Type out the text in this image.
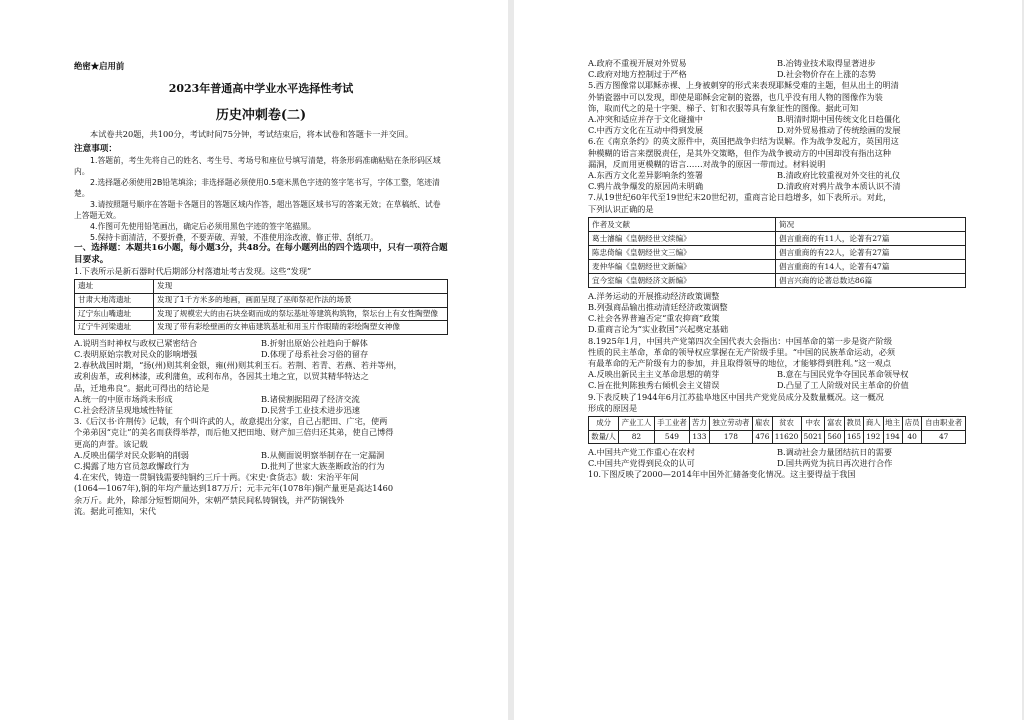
绝密★启用前
2023年普通高中学业水平选择性考试
历史冲刺卷(二)
本试卷共20题，共100分，考试时间75分钟，考试结束后，将本试卷和答题卡一并交回。
注意事项：
1.答题前，考生先将自己的姓名、考生号、考场号和座位号填写清楚，将条形码准确粘贴在条形码区域内。
2.选择题必须使用2B铅笔填涂；非选择题必须使用0.5毫米黑色字迹的签字笔书写，字体工整，笔迹清楚。
3.请按照题号顺序在答题卡各题目的答题区域内作答，超出答题区域书写的答案无效；在草稿纸、试卷上答题无效。
4.作图可先使用铅笔画出，确定后必须用黑色字迹的签字笔描黑。
5.保持卡面清洁，不要折叠，不要弄破、弄皱，不准使用涂改液、修正带、刮纸刀。
一、选择题：本题共16小题，每小题3分，共48分。在每小题列出的四个选项中，只有一项符合题目要求。
1.下表所示是新石器时代后期部分村落遗址考古发现。这些“发现”
遗址	发现
甘肃大地湾遗址	发现了1千方米多的地画，画面呈现了巫师祭祀作法的场景
辽宁东山嘴遗址	发现了规模宏大的由石块垒砌而成的祭坛基址等建筑构筑物，祭坛台上有女性陶塑像
辽宁牛河梁遗址	发现了带有彩绘壁画的女神庙建筑基址和用玉片作眼睛的彩绘陶塑女神像
A.说明当时神权与政权已紧密结合	B.折射出原始公社趋向于解体
C.表明原始宗教对民众的影响增强	D.体现了母系社会习俗的留存
2.春秋战国时期，“扬(州)则其利金银，雍(州)则其利玉石。若荆、若青、若燕、若并等州，
或利齿革，或利林漆，或利蒲鱼，或利布帛，各因其土地之宜，以贸其精华特达之
品，迁地弗良”。据此可得出的结论是
A.统一的中原市场尚未形成	B.诸侯割据阻碍了经济交流
C.社会经济呈现地域性特征	D.民营手工业技术进步迅速
3.《后汉书·许荆传》记载，有个叫许武的人，故意提出分家，自己占肥田、广宅，使两
个弟弟因“克让”的美名而获得举荐，而后他又把田地、财产加三倍归还其弟，使自己博得
更高的声誉。该记载
A.反映出儒学对民众影响的削弱	B.从侧面说明察举制存在一定漏洞
C.揭露了地方官员忽政懈政行为	D.批判了世家大族垄断政治的行为
4.在宋代，铸造一贯铜钱需要纯铜约三斤十两。《宋史·食货志》载：宋治平年间
(1064—1067年),铜的年均产量达到187万斤；元丰元年(1078年)铜产量更是高达1460
余万斤。此外，除部分短暂期间外，宋朝严禁民间私铸铜钱，并严防铜钱外
流。据此可推知，宋代
A.政府不重视开展对外贸易	B.冶铸业技术取得显著进步
C.政府对地方控制过于严格	D.社会物价存在上涨的态势
5.西方图像常以耶稣赤裸、上身被刺穿的形式来表现耶稣受难的主题，但从出土的明清
外销瓷器中可以发现，即使是耶稣会定制的瓷器，也几乎没有用人物的图像作为装
饰，取而代之的是十字架、梯子、钉和衣服等具有象征性的图像。据此可知
A.冲突和适应并存于文化碰撞中	B.明清时期中国传统文化日趋僵化
C.中西方文化在互动中得到发展	D.对外贸易推动了传统绘画的发展
6.在《南京条约》的英文原件中，英国把战争归结为误解。作为战争发起方，英国用这
种模糊的语言来摆脱责任，是其外交策略，但作为战争被动方的中国却没有指出这种
漏洞，反而用更模糊的语言……对战争的原因一带而过。材料说明
A.东西方文化差异影响条约签署	B.清政府比较重视对外交往的礼仪
C.鸦片战争爆发的原因尚未明确	D.清政府对鸦片战争本质认识不清
7.从19世纪60年代至19世纪末20世纪初，重商言论日趋增多，如下表所示。对此，
下列认识正确的是
作者及文献	简况
葛士濬编《皇朝经世文续编》	倡言重商的有11人，论著有27篇
陈忠倚编《皇朝经世文三编》	倡言重商的有22人，论著有27篇
麦仲华编《皇朝经世文新编》	倡言重商的有14人，论著有47篇
宜今室编《皇朝经济文新编》	倡言兴商的论著总数达86篇
A.洋务运动的开展推动经济政策调整
B.列强商品输出推动清廷经济政策调整
C.社会各界普遍否定“重农抑商”政策
D.重商言论为“实业救国”兴起奠定基础
8.1925年1月，中国共产党第四次全国代表大会指出：中国革命的第一步是资产阶级
性质的民主革命，革命的领导权应掌握在无产阶级手里。“中国的民族革命运动，必须
有最革命的无产阶级有力的参加，并且取得领导的地位，才能够得到胜利。”这一观点
A.反映出新民主主义革命思想的萌芽	B.意在与国民党争夺国民革命领导权
C.旨在批判陈独秀右倾机会主义错误	D.凸显了工人阶级对民主革命的价值
9.下表反映了1944年6月江苏盐阜地区中国共产党党员成分及数量概况。这一概况
形成的原因是
成分	产业工人	手工业者	苦力	独立劳动者	雇农	贫农	中农	富农	教员	商人	地主	店员	自由职业者
数量/人	82	549	133	178	476	11620	5021	560	165	192	194	40	47
A.中国共产党工作重心在农村	B.调动社会力量团结抗日的需要
C.中国共产党得到民众的认可	D.国共两党为抗日再次进行合作
10.下图反映了2000—2014年中国外汇储备变化情况。这主要得益于我国
